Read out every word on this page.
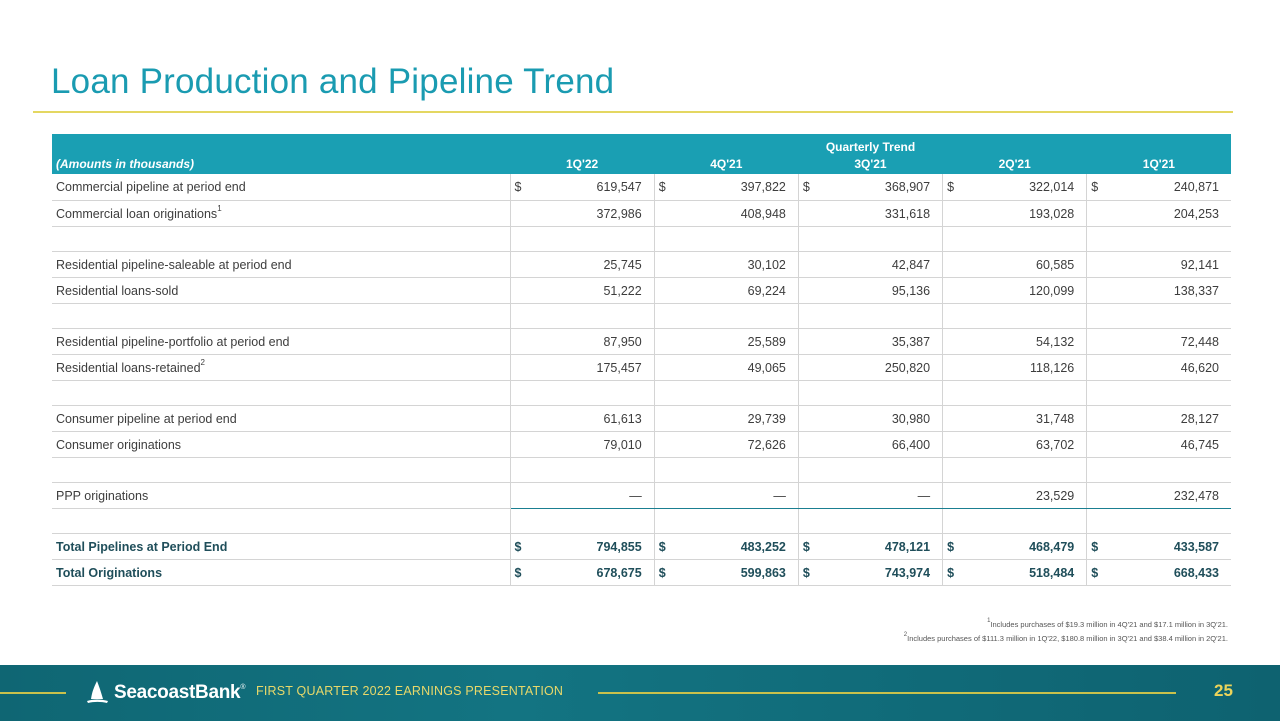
Loan Production and Pipeline Trend
	Quarterly Trend				
(Amounts in thousands)	1Q'22	4Q'21	3Q'21	2Q'21	1Q'21
Commercial pipeline at period end	$ 619,547	$ 397,822	$ 368,907	$ 322,014	$ 240,871

Commercial loan originations$^1$	372,986	408,948	331,618	193,028	204,253

Residential pipeline-saleable at period end	25,745	30,102	42,847	60,585	92,141

Residential loans-sold	51,222	69,224	95,136	120,099	138,337

Residential pipeline-portfolio at period end	87,950	25,589	35,387	54,132	72,448

Residential loans-retained$^2$	175,457	49,065	250,820	118,126	46,620

Consumer pipeline at period end	61,613	29,739	30,980	31,748	28,127

Consumer originations	79,010	72,626	66,400	63,702	46,745

PPP originations	—	—	—	23,529	232,478

Total Pipelines at Period End	$ 794,855	$ 483,252	$ 478,121	$ 468,479	$ 433,587

Total Originations	$ 678,675	$ 599,863	$ 743,974	$ 518,484	$ 668,433
$^1$Includes purchases of $19.3 million in 4Q'21 and $17.1 million in 3Q'21.
$^2$Includes purchases of $111.3 million in 1Q'22, $180.8 million in 3Q'21 and $38.4 million in 2Q'21.
SeacoastBank® FIRST QUARTER 2022 EARNINGS PRESENTATION	25
